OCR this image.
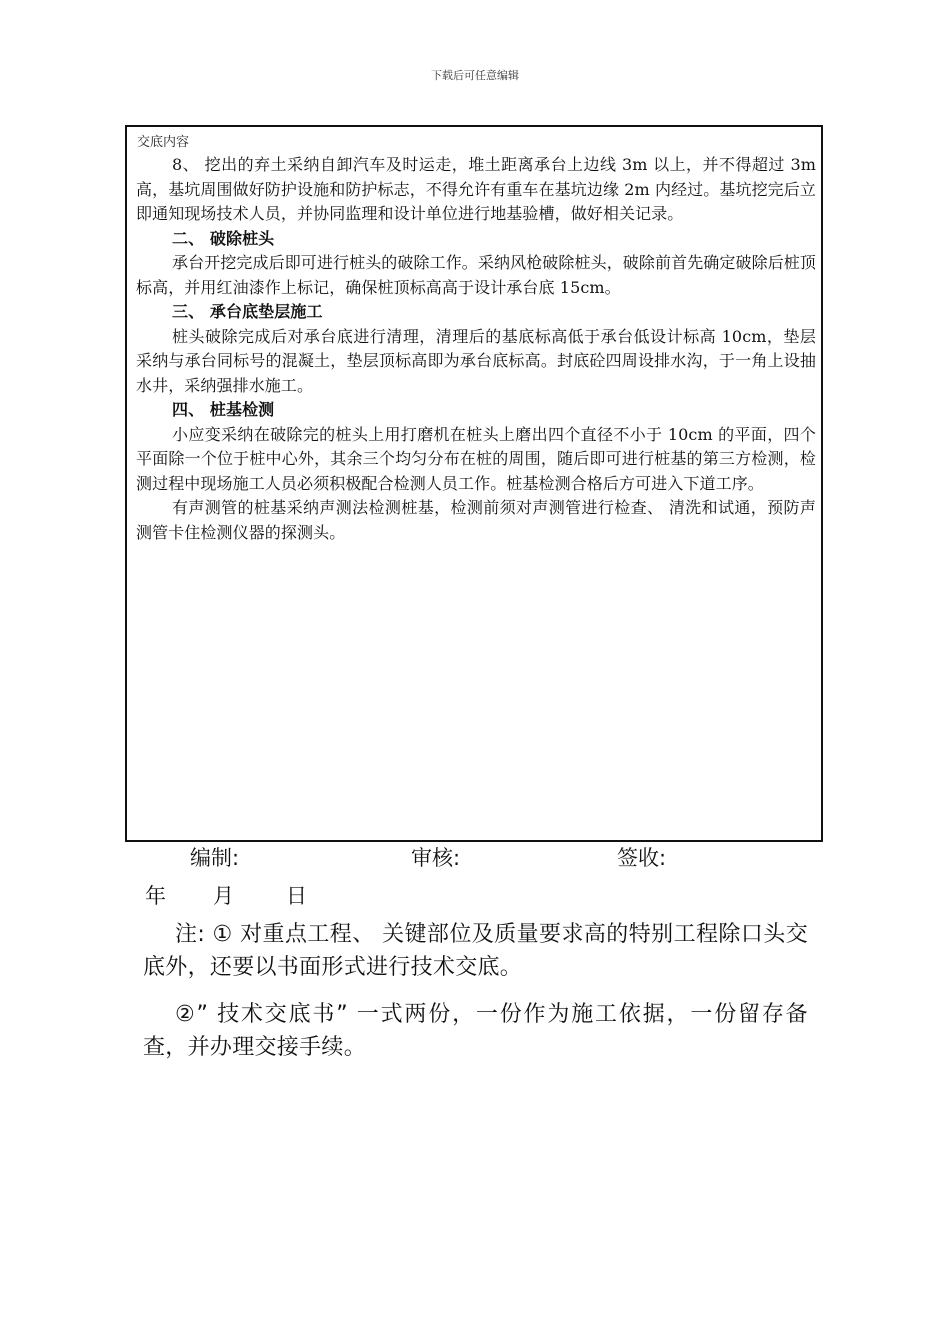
下载后可任意编辑
交底内容

8、 挖出的弃土采纳自卸汽车及时运走，堆土距离承台上边线 3m 以上，并不得超过 3m 高，基坑周围做好防护设施和防护标志，不得允许有重车在基坑边缘 2m 内经过。基坑挖完后立即通知现场技术人员，并协同监理和设计单位进行地基验槽，做好相关记录。

二、 破除桩头

承台开挖完成后即可进行桩头的破除工作。采纳风枪破除桩头，破除前首先确定破除后桩顶标高，并用红油漆作上标记，确保桩顶标高高于设计承台底 15cm。

三、 承台底垫层施工

桩头破除完成后对承台底进行清理，清理后的基底标高低于承台低设计标高 10cm，垫层采纳与承台同标号的混凝土，垫层顶标高即为承台底标高。封底砼四周设排水沟，于一角上设抽水井，采纳强排水施工。

四、 桩基检测

小应变采纳在破除完的桩头上用打磨机在桩头上磨出四个直径不小于 10cm 的平面，四个平面除一个位于桩中心外，其余三个均匀分布在桩的周围，随后即可进行桩基的第三方检测，检测过程中现场施工人员必须积极配合检测人员工作。桩基检测合格后方可进入下道工序。

有声测管的桩基采纳声测法检测桩基，检测前须对声测管进行检查、 清洗和试通，预防声测管卡住检测仪器的探测头。

编制:	审核:	签收:
年 月 日

注: ① 对重点工程、 关键部位及质量要求高的特别工程除口头交底外，还要以书面形式进行技术交底。

②” 技术交底书” 一式两份，一份作为施工依据，一份留存备查，并办理交接手续。
